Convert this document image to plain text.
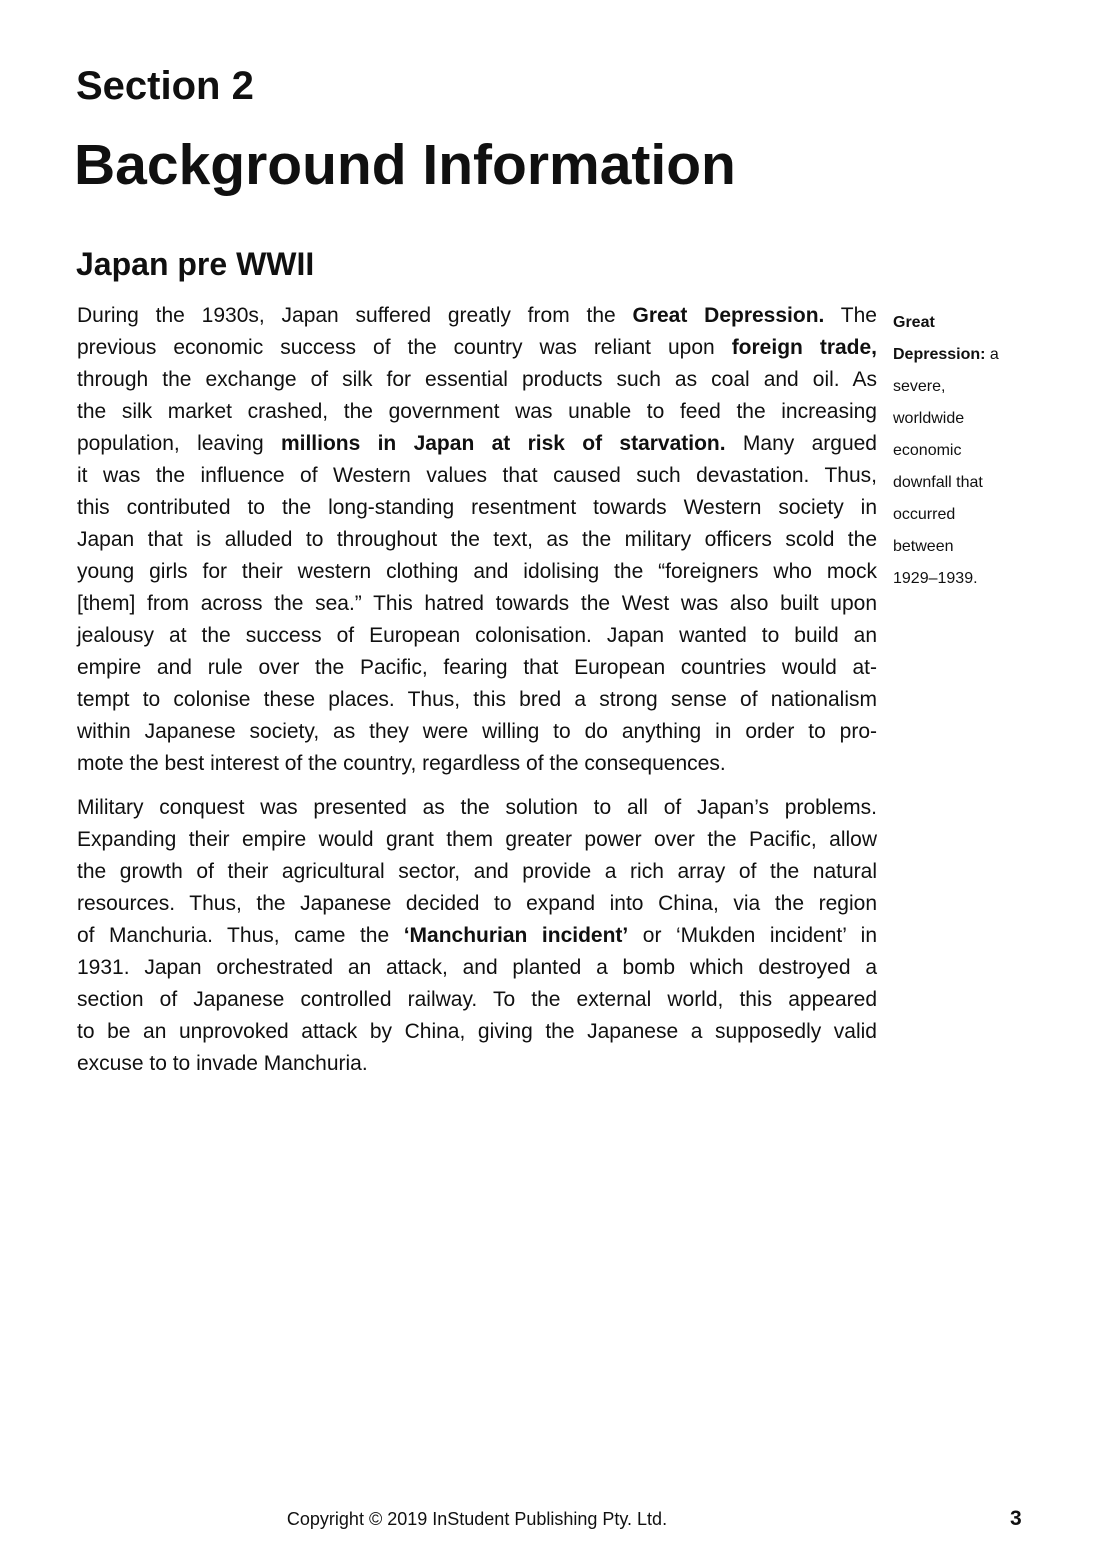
Section 2
Background Information
Japan pre WWII
During the 1930s, Japan suffered greatly from the Great Depression. The
previous economic success of the country was reliant upon foreign trade,
through the exchange of silk for essential products such as coal and oil. As
the silk market crashed, the government was unable to feed the increasing
population, leaving millions in Japan at risk of starvation. Many argued
it was the influence of Western values that caused such devastation. Thus,
this contributed to the long-standing resentment towards Western society in
Japan that is alluded to throughout the text, as the military officers scold the
young girls for their western clothing and idolising the “foreigners who mock
[them] from across the sea.” This hatred towards the West was also built upon
jealousy at the success of European colonisation. Japan wanted to build an
empire and rule over the Pacific, fearing that European countries would at-
tempt to colonise these places. Thus, this bred a strong sense of nationalism
within Japanese society, as they were willing to do anything in order to pro-
mote the best interest of the country, regardless of the consequences.
Military conquest was presented as the solution to all of Japan’s problems.
Expanding their empire would grant them greater power over the Pacific, allow
the growth of their agricultural sector, and provide a rich array of the natural
resources. Thus, the Japanese decided to expand into China, via the region
of Manchuria. Thus, came the ‘Manchurian incident’ or ‘Mukden incident’ in
1931. Japan orchestrated an attack, and planted a bomb which destroyed a
section of Japanese controlled railway. To the external world, this appeared
to be an unprovoked attack by China, giving the Japanese a supposedly valid
excuse to to invade Manchuria.
Great
Depression: a
severe,
worldwide
economic
downfall that
occurred
between
1929–1939.
Copyright © 2019 InStudent Publishing Pty. Ltd.	3
